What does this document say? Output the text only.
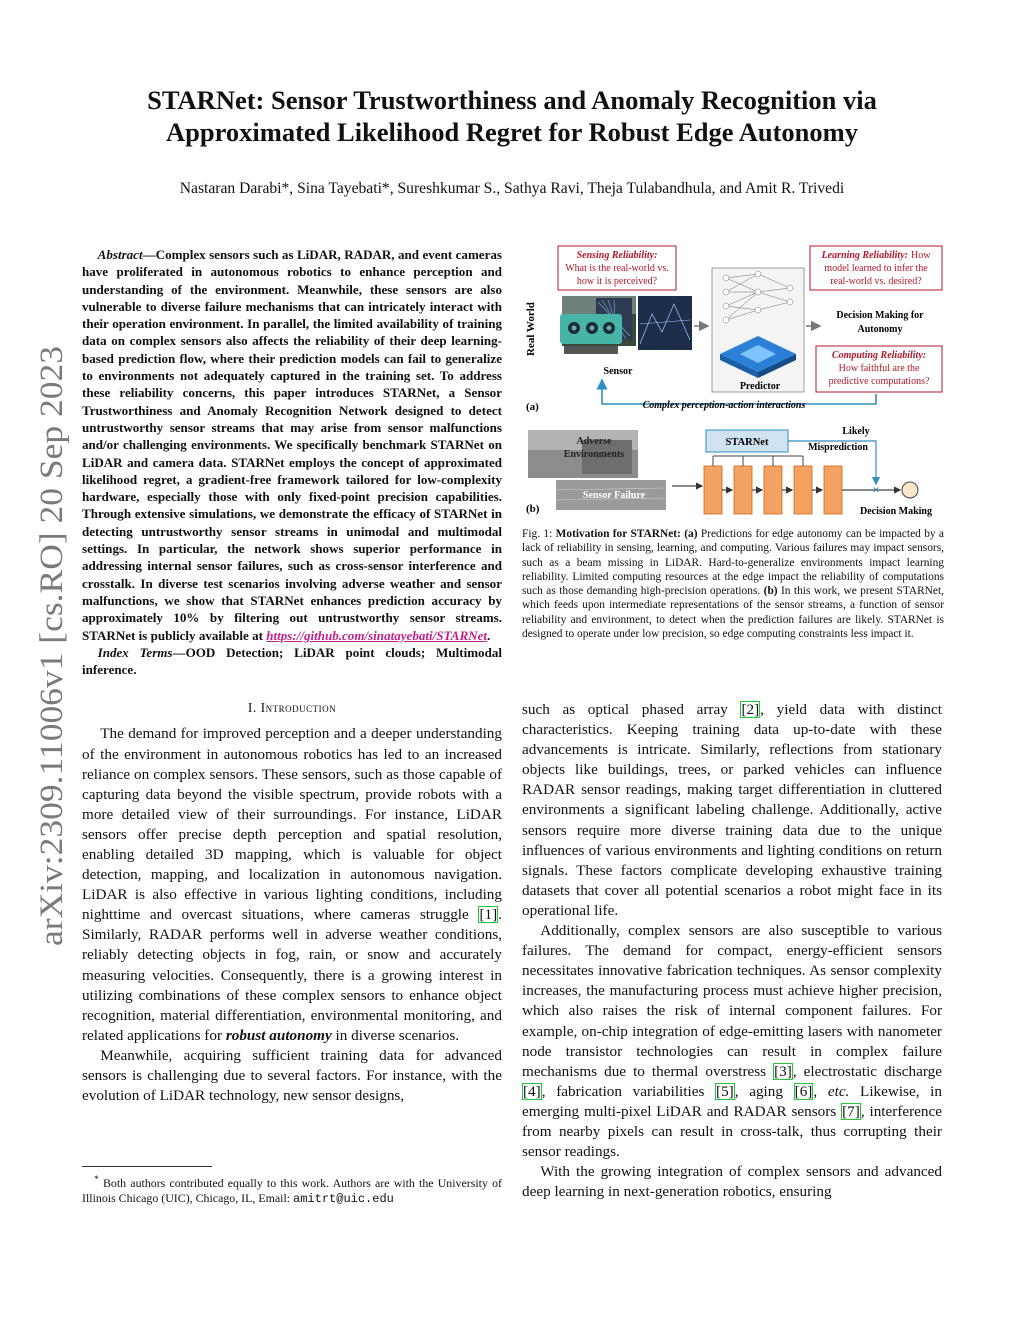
arXiv:2309.11006v1 [cs.RO] 20 Sep 2023
STARNet: Sensor Trustworthiness and Anomaly Recognition via Approximated Likelihood Regret for Robust Edge Autonomy

Nastaran Darabi*, Sina Tayebati*, Sureshkumar S., Sathya Ravi, Theja Tulabandhula, and Amit R. Trivedi

Abstract—Complex sensors such as LiDAR, RADAR, and event cameras have proliferated in autonomous robotics to enhance perception and understanding of the environment. Meanwhile, these sensors are also vulnerable to diverse failure mechanisms that can intricately interact with their operation environment. In parallel, the limited availability of training data on complex sensors also affects the reliability of their deep learning-based prediction flow, where their prediction models can fail to generalize to environments not adequately captured in the training set. To address these reliability concerns, this paper introduces STARNet, a Sensor Trustworthiness and Anomaly Recognition Network designed to detect untrustworthy sensor streams that may arise from sensor malfunctions and/or challenging environments. We specifically benchmark STARNet on LiDAR and camera data. STARNet employs the concept of approximated likelihood regret, a gradient-free framework tailored for low-complexity hardware, especially those with only fixed-point precision capabilities. Through extensive simulations, we demonstrate the efficacy of STARNet in detecting untrustworthy sensor streams in unimodal and multimodal settings. In particular, the network shows superior performance in addressing internal sensor failures, such as cross-sensor interference and crosstalk. In diverse test scenarios involving adverse weather and sensor malfunctions, we show that STARNet enhances prediction accuracy by approximately 10% by filtering out untrustworthy sensor streams. STARNet is publicly available at https://github.com/sinatayebati/STARNet.

Index Terms—OOD Detection; LiDAR point clouds; Multimodal inference.

I. Introduction

The demand for improved perception and a deeper understanding of the environment in autonomous robotics has led to an increased reliance on complex sensors. These sensors, such as those capable of capturing data beyond the visible spectrum, provide robots with a more detailed view of their surroundings. For instance, LiDAR sensors offer precise depth perception and spatial resolution, enabling detailed 3D mapping, which is valuable for object detection, mapping, and localization in autonomous navigation. LiDAR is also effective in various lighting conditions, including nighttime and overcast situations, where cameras struggle [1]. Similarly, RADAR performs well in adverse weather conditions, reliably detecting objects in fog, rain, or snow and accurately measuring velocities. Consequently, there is a growing interest in utilizing combinations of these complex sensors to enhance object recognition, material differentiation, environmental monitoring, and related applications for robust autonomy in diverse scenarios.

Meanwhile, acquiring sufficient training data for advanced sensors is challenging due to several factors. For instance, with the evolution of LiDAR technology, new sensor designs,

* Both authors contributed equally to this work. Authors are with the University of Illinois Chicago (UIC), Chicago, IL, Email: amitrt@uic.edu

Real World
Sensing Reliability:
What is the real-world vs.
how it is perceived?
Sensor
Predictor
Learning Reliability: How
model learned to infer the
real-world vs. desired?
Decision Making for
Autonomy
Computing Reliability:
How faithful are the
predictive computations?
Complex perception-action interactions
(a)
Adverse
Environments
Sensor Failure
(b)
STARNet
Likely
Misprediction
×
Decision Making

Fig. 1: Motivation for STARNet: (a) Predictions for edge autonomy can be impacted by a lack of reliability in sensing, learning, and computing. Various failures may impact sensors, such as a beam missing in LiDAR. Hard-to-generalize environments impact learning reliability. Limited computing resources at the edge impact the reliability of computations such as those demanding high-precision operations. (b) In this work, we present STARNet, which feeds upon intermediate representations of the sensor streams, a function of sensor reliability and environment, to detect when the prediction failures are likely. STARNet is designed to operate under low precision, so edge computing constraints less impact it.

such as optical phased array [2], yield data with distinct characteristics. Keeping training data up-to-date with these advancements is intricate. Similarly, reflections from stationary objects like buildings, trees, or parked vehicles can influence RADAR sensor readings, making target differentiation in cluttered environments a significant labeling challenge. Additionally, active sensors require more diverse training data due to the unique influences of various environments and lighting conditions on return signals. These factors complicate developing exhaustive training datasets that cover all potential scenarios a robot might face in its operational life.

Additionally, complex sensors are also susceptible to various failures. The demand for compact, energy-efficient sensors necessitates innovative fabrication techniques. As sensor complexity increases, the manufacturing process must achieve higher precision, which also raises the risk of internal component failures. For example, on-chip integration of edge-emitting lasers with nanometer node transistor technologies can result in complex failure mechanisms due to thermal overstress [3], electrostatic discharge [4], fabrication variabilities [5], aging [6], etc. Likewise, in emerging multi-pixel LiDAR and RADAR sensors [7], interference from nearby pixels can result in cross-talk, thus corrupting their sensor readings.

With the growing integration of complex sensors and advanced deep learning in next-generation robotics, ensuring
